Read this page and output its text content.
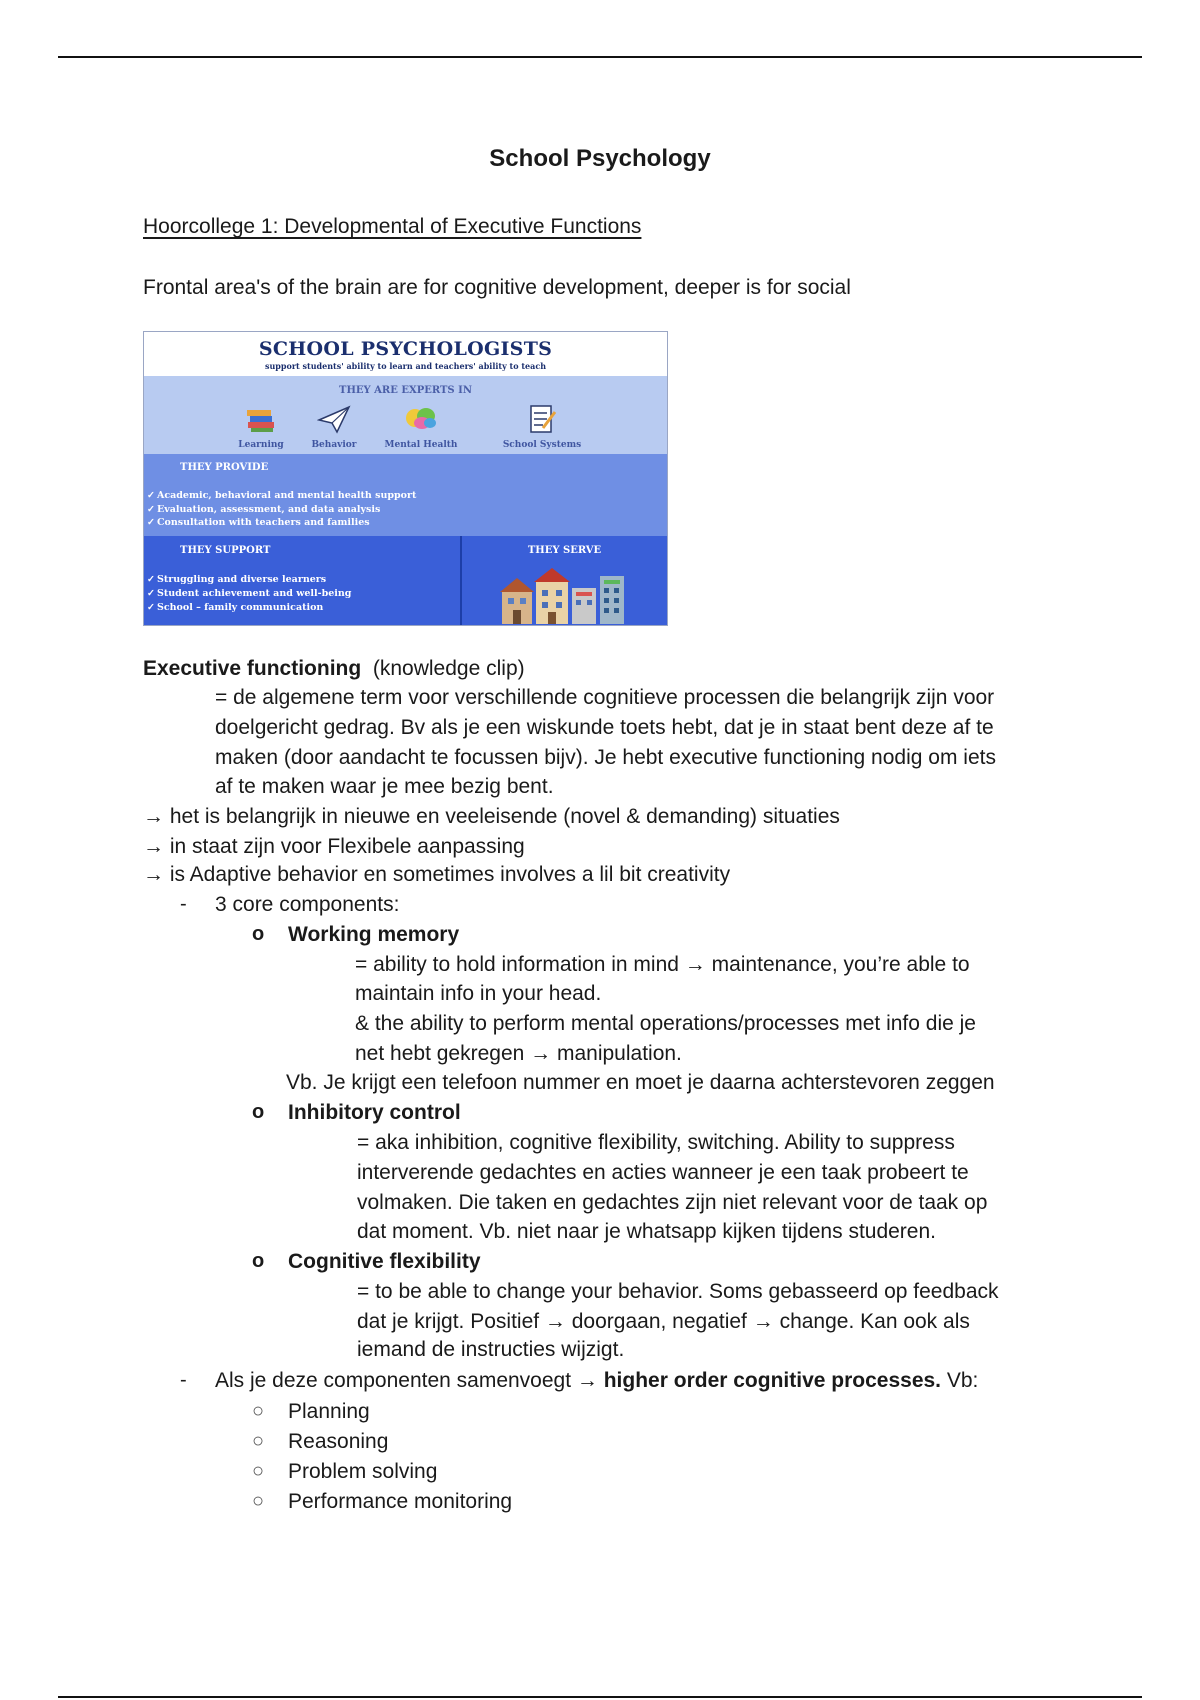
School Psychology
Hoorcollege 1: Developmental of Executive Functions
Frontal area's of the brain are for cognitive development, deeper is for social
SCHOOL PSYCHOLOGISTS
support students' ability to learn and teachers' ability to teach
THEY ARE EXPERTS IN
Learning	Behavior	Mental Health	School Systems
THEY PROVIDE
✓ Academic, behavioral and mental health support
✓ Evaluation, assessment, and data analysis
✓ Consultation with teachers and families
THEY SUPPORT
✓ Struggling and diverse learners
✓ Student achievement and well-being
✓ School – family communication
THEY SERVE
Executive functioning (knowledge clip)
= de algemene term voor verschillende cognitieve processen die belangrijk zijn voor
doelgericht gedrag. Bv als je een wiskunde toets hebt, dat je in staat bent deze af te
maken (door aandacht te focussen bijv). Je hebt executive functioning nodig om iets
af te maken waar je mee bezig bent.
→ het is belangrijk in nieuwe en veeleisende (novel & demanding) situaties
→ in staat zijn voor Flexibele aanpassing
→ is Adaptive behavior en sometimes involves a lil bit creativity
- 3 core components:
o Working memory
= ability to hold information in mind → maintenance, you’re able to
maintain info in your head.
& the ability to perform mental operations/processes met info die je
net hebt gekregen → manipulation.
Vb. Je krijgt een telefoon nummer en moet je daarna achterstevoren zeggen
o Inhibitory control
= aka inhibition, cognitive flexibility, switching. Ability to suppress
interverende gedachtes en acties wanneer je een taak probeert te
volmaken. Die taken en gedachtes zijn niet relevant voor de taak op
dat moment. Vb. niet naar je whatsapp kijken tijdens studeren.
o Cognitive flexibility
= to be able to change your behavior. Soms gebasseerd op feedback
dat je krijgt. Positief → doorgaan, negatief → change. Kan ook als
iemand de instructies wijzigt.
- Als je deze componenten samenvoegt → higher order cognitive processes. Vb:
○ Planning
○ Reasoning
○ Problem solving
○ Performance monitoring
